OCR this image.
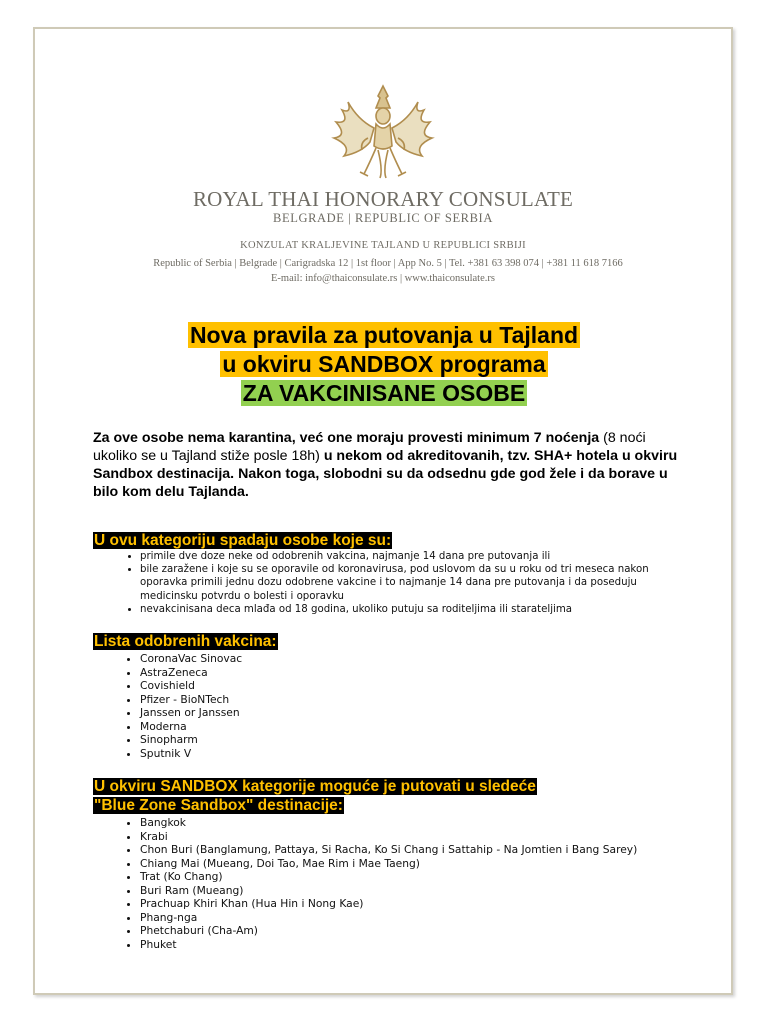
ROYAL THAI HONORARY CONSULATE
BELGRADE | REPUBLIC OF SERBIA
KONZULAT KRALJEVINE TAJLAND U REPUBLICI SRBIJI
Republic of Serbia | Belgrade | Carigradska 12 | 1st floor | App No. 5 | Tel. +381 63 398 074 | +381 11 618 7166
E-mail: info@thaiconsulate.rs | www.thaiconsulate.rs
Nova pravila za putovanja u Tajland
u okviru SANDBOX programa
ZA VAKCINISANE OSOBE
Za ove osobe nema karantina, već one moraju provesti minimum 7 noćenja (8 noći ukoliko se u Tajland stiže posle 18h) u nekom od akreditovanih, tzv. SHA+ hotela u okviru Sandbox destinacija. Nakon toga, slobodni su da odsednu gde god žele i da borave u bilo kom delu Tajlanda.
U ovu kategoriju spadaju osobe koje su:
• primile dve doze neke od odobrenih vakcina, najmanje 14 dana pre putovanja ili
• bile zaražene i koje su se oporavile od koronavirusa, pod uslovom da su u roku od tri meseca nakon oporavka primili jednu dozu odobrene vakcine i to najmanje 14 dana pre putovanja i da poseduju medicinsku potvrdu o bolesti i oporavku
• nevakcinisana deca mlađa od 18 godina, ukoliko putuju sa roditeljima ili starateljima
Lista odobrenih vakcina:
• CoronaVac Sinovac
• AstraZeneca
• Covishield
• Pfizer - BioNTech
• Janssen or Janssen
• Moderna
• Sinopharm
• Sputnik V
U okviru SANDBOX kategorije moguće je putovati u sledeće
"Blue Zone Sandbox" destinacije:
• Bangkok
• Krabi
• Chon Buri (Banglamung, Pattaya, Si Racha, Ko Si Chang i Sattahip - Na Jomtien i Bang Sarey)
• Chiang Mai (Mueang, Doi Tao, Mae Rim i Mae Taeng)
• Trat (Ko Chang)
• Buri Ram (Mueang)
• Prachuap Khiri Khan (Hua Hin i Nong Kae)
• Phang-nga
• Phetchaburi (Cha-Am)
• Phuket
